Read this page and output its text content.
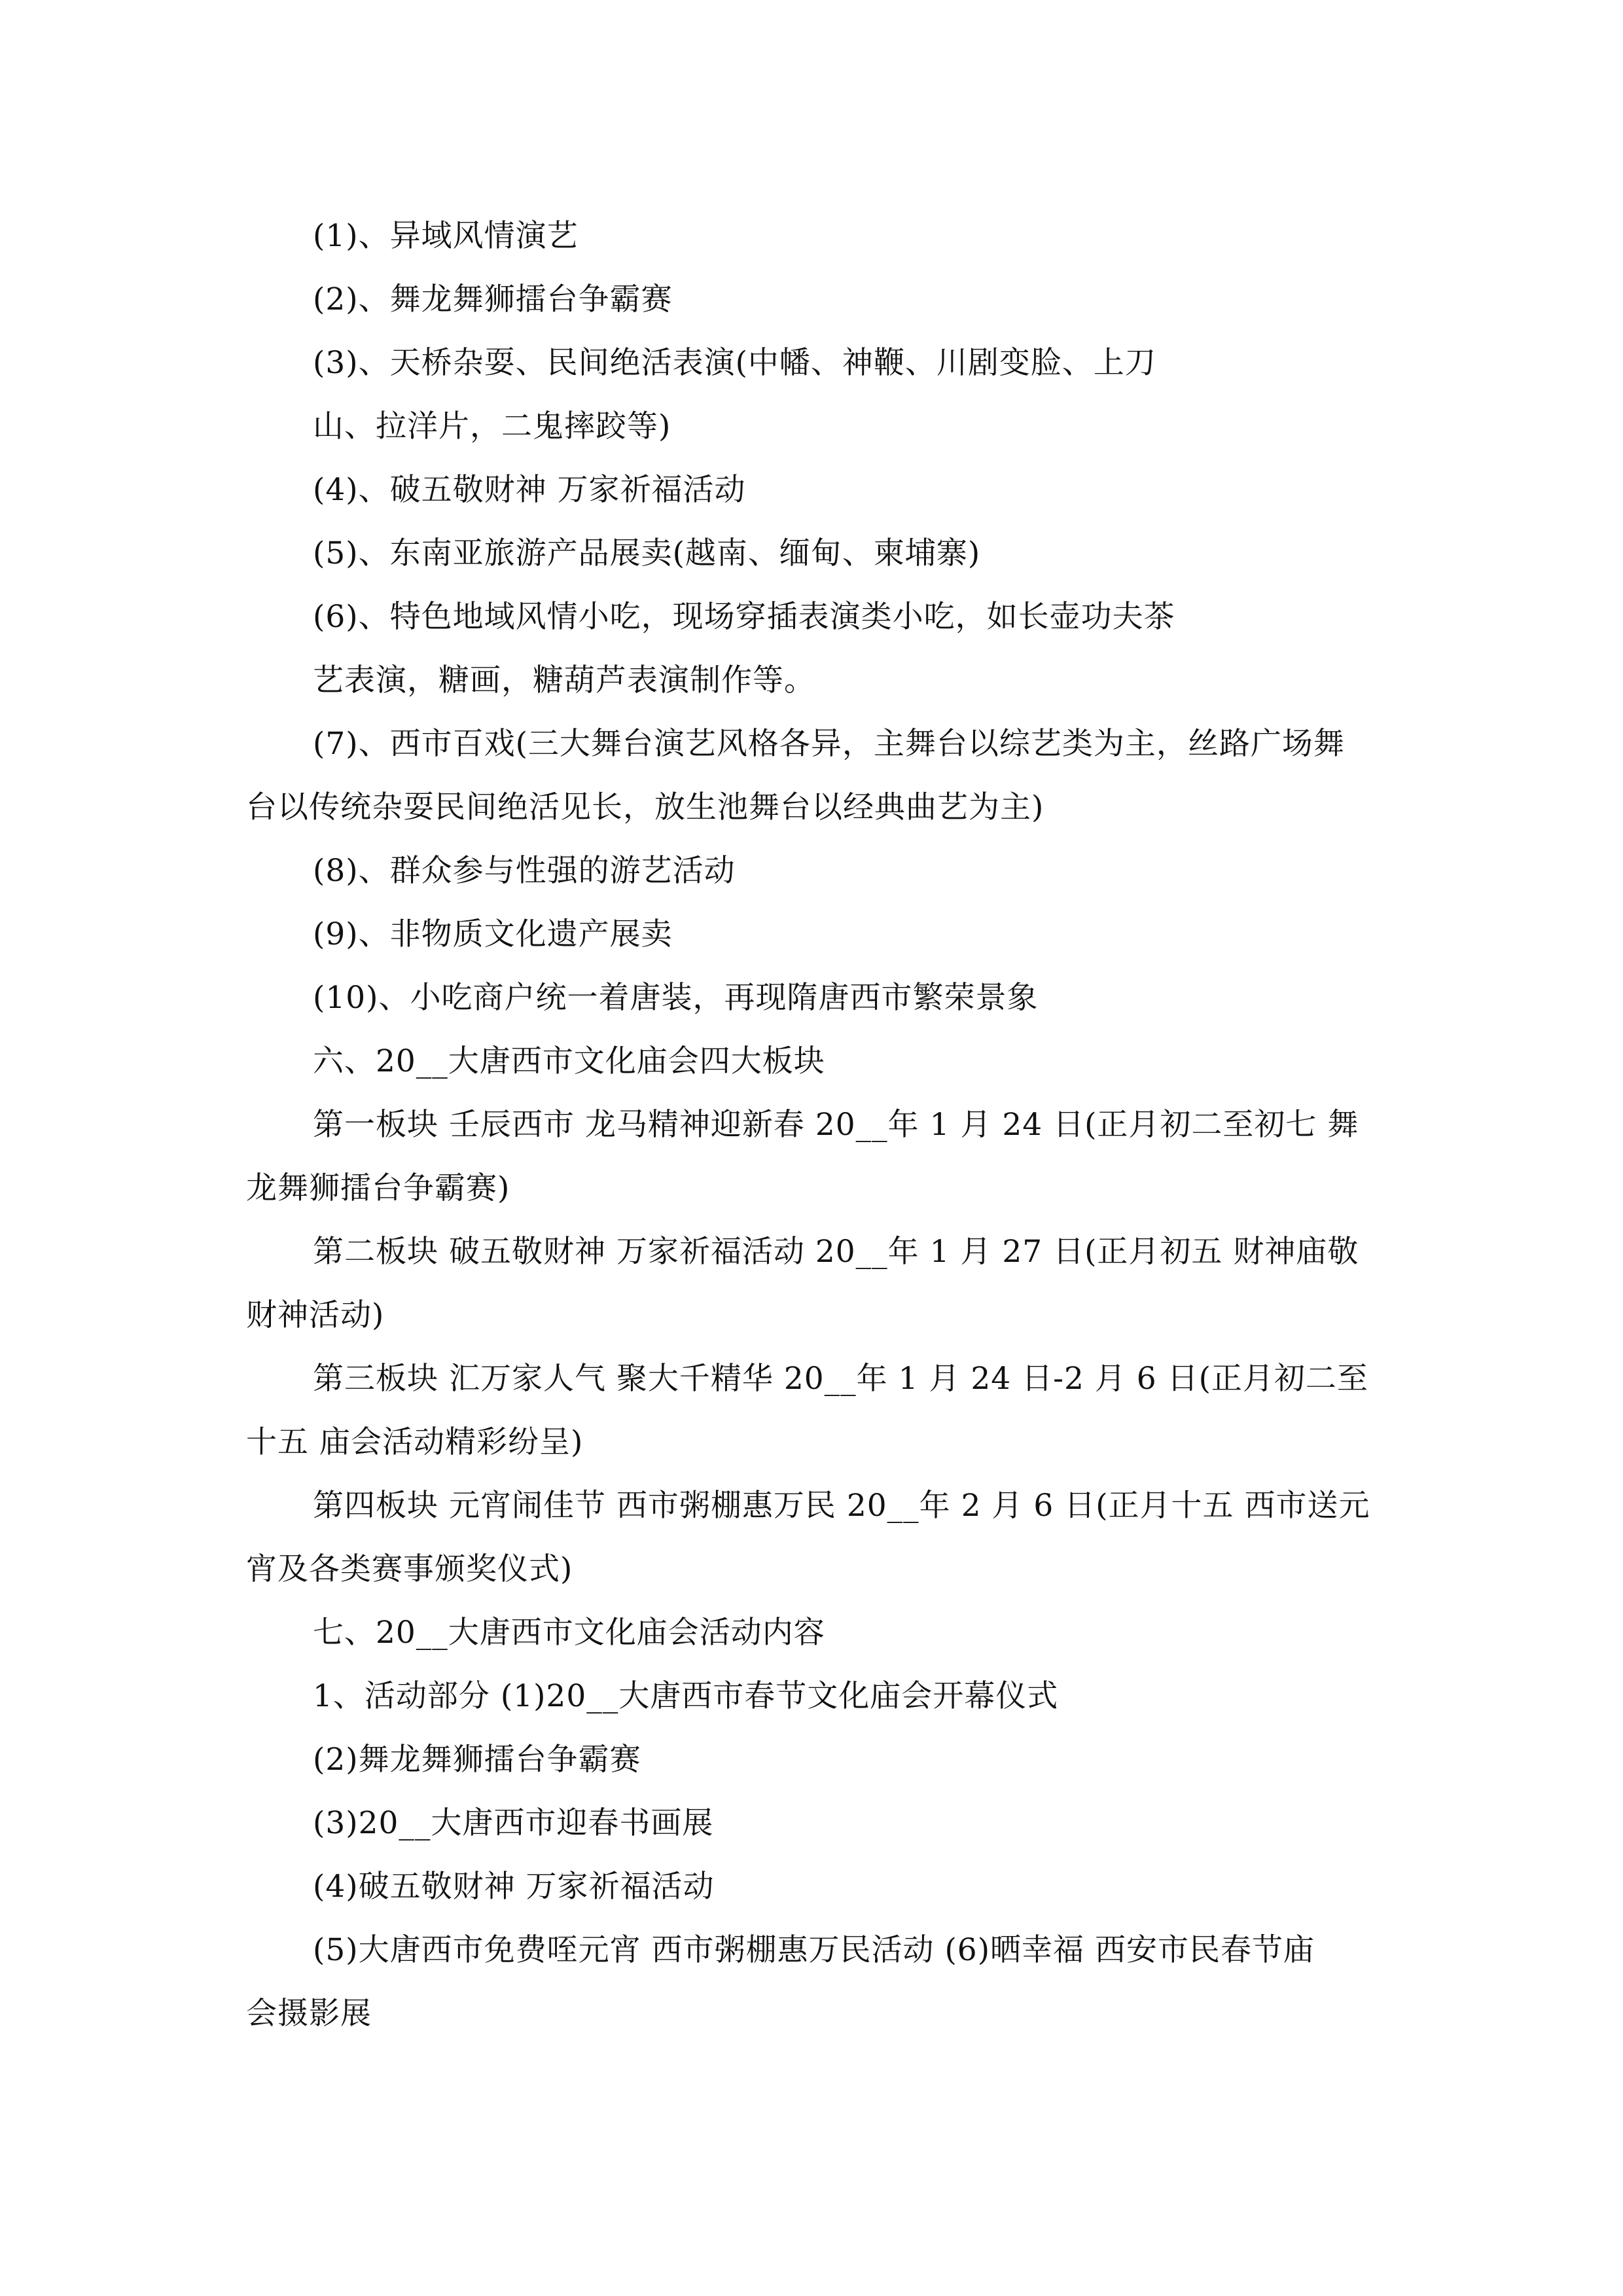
(1)、异域风情演艺

(2)、舞龙舞狮擂台争霸赛

(3)、天桥杂耍、民间绝活表演(中幡、神鞭、川剧变脸、上刀

山、拉洋片，二鬼摔跤等)

(4)、破五敬财神 万家祈福活动

(5)、东南亚旅游产品展卖(越南、缅甸、柬埔寨)

(6)、特色地域风情小吃，现场穿插表演类小吃，如长壶功夫茶

艺表演，糖画，糖葫芦表演制作等。

(7)、西市百戏(三大舞台演艺风格各异，主舞台以综艺类为主，丝路广场舞

台以传统杂耍民间绝活见长，放生池舞台以经典曲艺为主)

(8)、群众参与性强的游艺活动

(9)、非物质文化遗产展卖

(10)、小吃商户统一着唐装，再现隋唐西市繁荣景象

六、20__大唐西市文化庙会四大板块

第一板块 壬辰西市 龙马精神迎新春 20__年 1 月 24 日(正月初二至初七 舞

龙舞狮擂台争霸赛)

第二板块 破五敬财神 万家祈福活动 20__年 1 月 27 日(正月初五 财神庙敬

财神活动)

第三板块 汇万家人气 聚大千精华 20__年 1 月 24 日-2 月 6 日(正月初二至

十五 庙会活动精彩纷呈)

第四板块 元宵闹佳节 西市粥棚惠万民 20__年 2 月 6 日(正月十五 西市送元

宵及各类赛事颁奖仪式)

七、20__大唐西市文化庙会活动内容

1、活动部分 (1)20__大唐西市春节文化庙会开幕仪式

(2)舞龙舞狮擂台争霸赛

(3)20__大唐西市迎春书画展

(4)破五敬财神 万家祈福活动

(5)大唐西市免费咥元宵 西市粥棚惠万民活动 (6)晒幸福 西安市民春节庙

会摄影展
